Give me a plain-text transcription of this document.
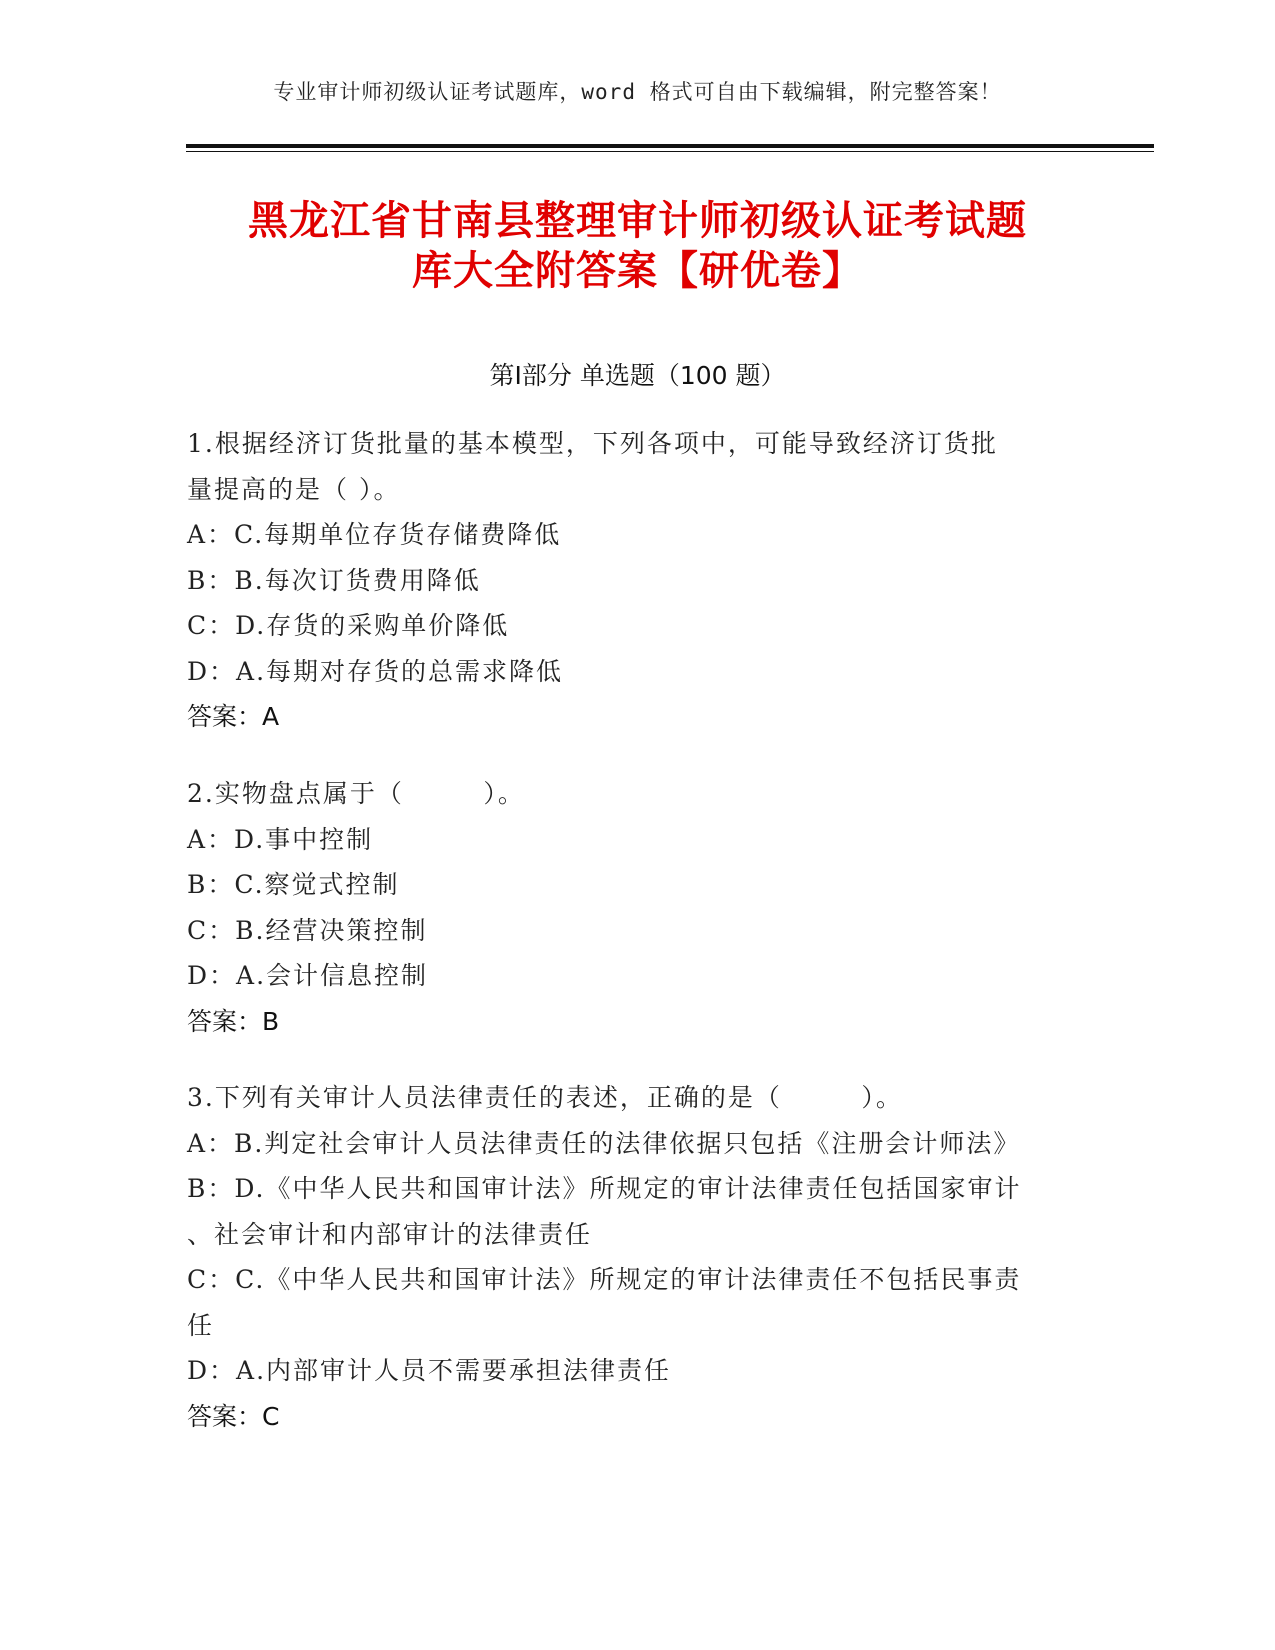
专业审计师初级认证考试题库，word 格式可自由下载编辑，附完整答案！
黑龙江省甘南县整理审计师初级认证考试题
库大全附答案【研优卷】
第Ⅰ部分 单选题（100 题）
1.根据经济订货批量的基本模型，下列各项中，可能导致经济订货批
量提高的是（ ）。
A：C.每期单位存货存储费降低
B：B.每次订货费用降低
C：D.存货的采购单价降低
D：A.每期对存货的总需求降低
答案：A
2.实物盘点属于（        ）。
A：D.事中控制
B：C.察觉式控制
C：B.经营决策控制
D：A.会计信息控制
答案：B
3.下列有关审计人员法律责任的表述，正确的是（        ）。
A：B.判定社会审计人员法律责任的法律依据只包括《注册会计师法》
B：D.《中华人民共和国审计法》所规定的审计法律责任包括国家审计
、社会审计和内部审计的法律责任
C：C.《中华人民共和国审计法》所规定的审计法律责任不包括民事责
任
D：A.内部审计人员不需要承担法律责任
答案：C
